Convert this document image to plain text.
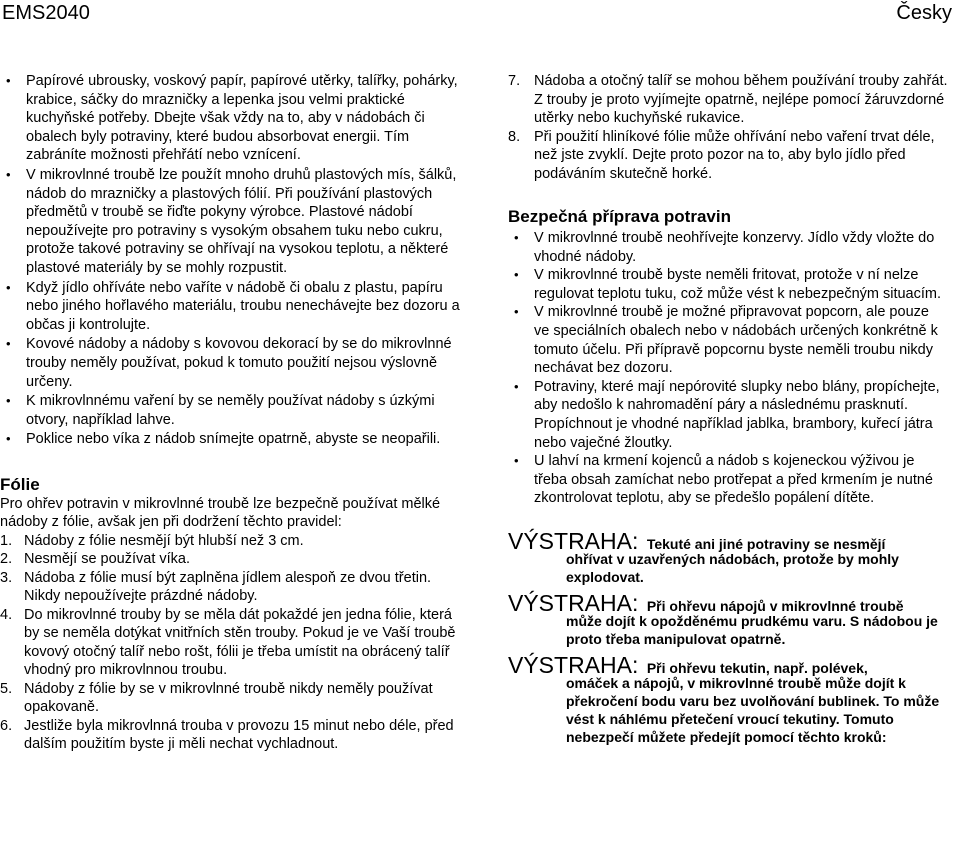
EMS2040	Česky
• Papírové ubrousky, voskový papír, papírové utěrky, talířky, pohárky, krabice, sáčky do mrazničky a lepenka jsou velmi praktické kuchyňské potřeby. Dbejte však vždy na to, aby v nádobách či obalech byly potraviny, které budou absorbovat energii. Tím zabráníte možnosti přehřátí nebo vznícení.
• V mikrovlnné troubě lze použít mnoho druhů plastových mís, šálků, nádob do mrazničky a plastových fólií. Při používání plastových předmětů v troubě se řiďte pokyny výrobce. Plastové nádobí nepoužívejte pro potraviny s vysokým obsahem tuku nebo cukru, protože takové potraviny se ohřívají na vysokou teplotu, a některé plastové materiály by se mohly rozpustit.
• Když jídlo ohříváte nebo vaříte v nádobě či obalu z plastu, papíru nebo jiného hořlavého materiálu, troubu nenechávejte bez dozoru a občas ji kontrolujte.
• Kovové nádoby a nádoby s kovovou dekorací by se do mikrovlnné trouby neměly používat, pokud k tomuto použití nejsou výslovně určeny.
• K mikrovlnnému vaření by se neměly používat nádoby s úzkými otvory, například lahve.
• Poklice nebo víka z nádob snímejte opatrně, abyste se neopařili.
Fólie
Pro ohřev potravin v mikrovlnné troubě lze bezpečně používat mělké nádoby z fólie, avšak jen při dodržení těchto pravidel:
1. Nádoby z fólie nesmějí být hlubší než 3 cm.
2. Nesmějí se používat víka.
3. Nádoba z fólie musí být zaplněna jídlem alespoň ze dvou třetin. Nikdy nepoužívejte prázdné nádoby.
4. Do mikrovlnné trouby by se měla dát pokaždé jen jedna fólie, která by se neměla dotýkat vnitřních stěn trouby. Pokud je ve Vaší troubě kovový otočný talíř nebo rošt, fólii je třeba umístit na obrácený talíř vhodný pro mikrovlnnou troubu.
5. Nádoby z fólie by se v mikrovlnné troubě nikdy neměly používat opakovaně.
6. Jestliže byla mikrovlnná trouba v provozu 15 minut nebo déle, před dalším použitím byste ji měli nechat vychladnout.
7. Nádoba a otočný talíř se mohou během používání trouby zahřát. Z trouby je proto vyjímejte opatrně, nejlépe pomocí žáruvzdorné utěrky nebo kuchyňské rukavice.
8. Při použití hliníkové fólie může ohřívání nebo vaření trvat déle, než jste zvyklí. Dejte proto pozor na to, aby bylo jídlo před podáváním skutečně horké.
Bezpečná příprava potravin
• V mikrovlnné troubě neohřívejte konzervy. Jídlo vždy vložte do vhodné nádoby.
• V mikrovlnné troubě byste neměli fritovat, protože v ní nelze regulovat teplotu tuku, což může vést k nebezpečným situacím.
• V mikrovlnné troubě je možné připravovat popcorn, ale pouze ve speciálních obalech nebo v nádobách určených konkrétně k tomuto účelu. Při přípravě popcornu byste neměli troubu nikdy nechávat bez dozoru.
• Potraviny, které mají nepórovité slupky nebo blány, propíchejte, aby nedošlo k nahromadění páry a následnému prasknutí. Propíchnout je vhodné například jablka, brambory, kuřecí játra nebo vaječné žloutky.
• U lahví na krmení kojenců a nádob s kojeneckou výživou je třeba obsah zamíchat nebo protřepat a před krmením je nutné zkontrolovat teplotu, aby se předešlo popálení dítěte.
VÝSTRAHA: Tekuté ani jiné potraviny se nesmějí
ohřívat v uzavřených nádobách, protože by mohly explodovat.
VÝSTRAHA: Při ohřevu nápojů v mikrovlnné troubě
může dojít k opožděnému prudkému varu. S nádobou je proto třeba manipulovat opatrně.
VÝSTRAHA: Při ohřevu tekutin, např. polévek,
omáček a nápojů, v mikrovlnné troubě může dojít k překročení bodu varu bez uvolňování bublinek. To může vést k náhlému přetečení vroucí tekutiny. Tomuto nebezpečí můžete předejít pomocí těchto kroků:
